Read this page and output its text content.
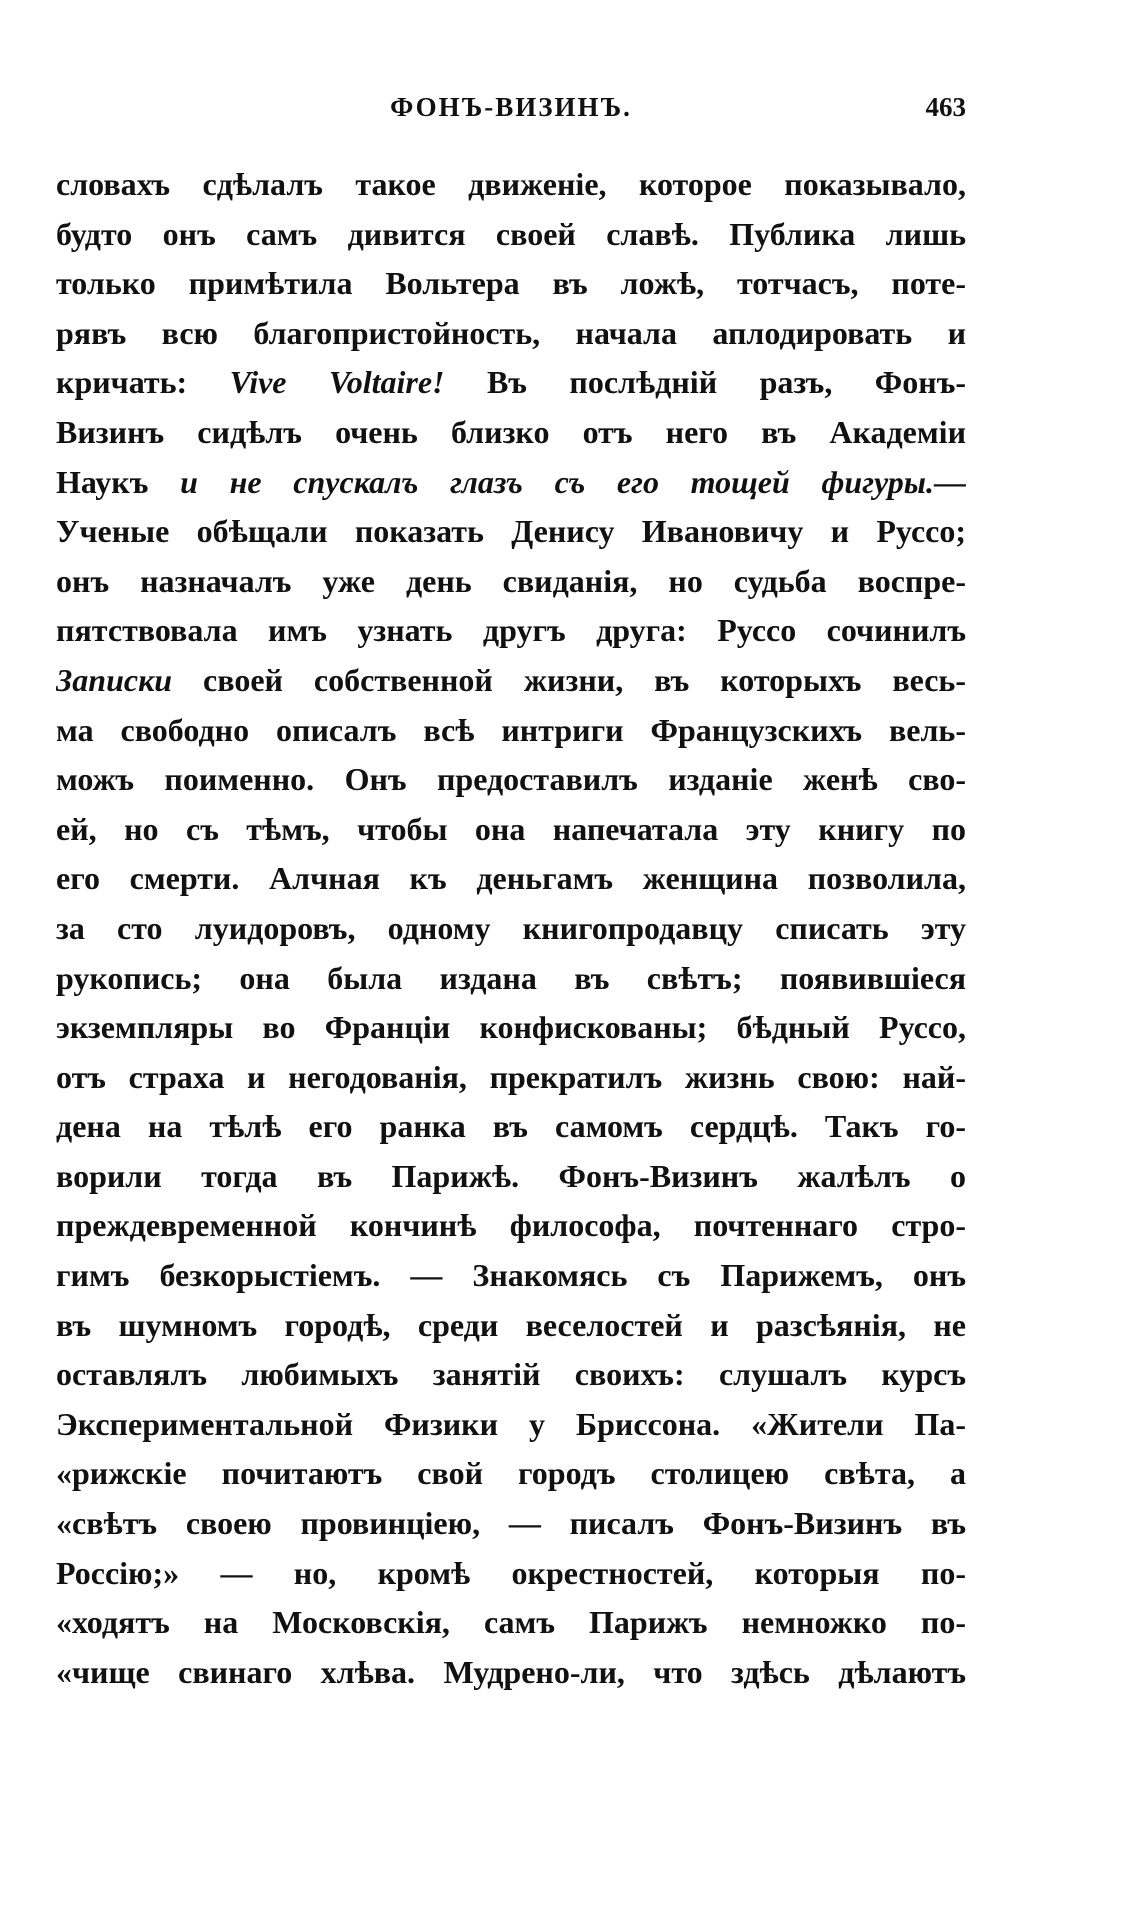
ФОНЪ-ВИЗИНЪ.	463
словахъ сдѣлалъ такое движеніе, которое показывало,
будто онъ самъ дивится своей славѣ. Публика лишь
только примѣтила Вольтера въ ложѣ, тотчасъ, поте-
рявъ всю благопристойность, начала аплодировать и
кричать: Vive Voltaire! Въ послѣдній разъ, Фонъ-
Визинъ сидѣлъ очень близко отъ него въ Академіи
Наукъ и не спускалъ глазъ съ его тощей фигуры.—
Ученые обѣщали показать Денису Ивановичу и Руссо;
онъ назначалъ уже день свиданія, но судьба воспре-
пятствовала имъ узнать другъ друга: Руссо сочинилъ
Записки своей собственной жизни, въ которыхъ весь-
ма свободно описалъ всѣ интриги Французскихъ вель-
можъ поименно. Онъ предоставилъ изданіе женѣ сво-
ей, но съ тѣмъ, чтобы она напечатала эту книгу по
его смерти. Алчная къ деньгамъ женщина позволила,
за сто луидоровъ, одному книгопродавцу списать эту
рукопись; она была издана въ свѣтъ; появившіеся
экземпляры во Франціи конфискованы; бѣдный Руссо,
отъ страха и негодованія, прекратилъ жизнь свою: най-
дена на тѣлѣ его ранка въ самомъ сердцѣ. Такъ го-
ворили тогда въ Парижѣ. Фонъ-Визинъ жалѣлъ о
преждевременной кончинѣ философа, почтеннаго стро-
гимъ безкорыстіемъ. — Знакомясь съ Парижемъ, онъ
въ шумномъ городѣ, среди веселостей и разсѣянія, не
оставлялъ любимыхъ занятій своихъ: слушалъ курсъ
Экспериментальной Физики у Бриссона. «Жители Па-
«рижскіе почитаютъ свой городъ столицею свѣта, а
«свѣтъ своею провинціею, — писалъ Фонъ-Визинъ въ
Россію;» — но, кромѣ окрестностей, которыя по-
«ходятъ на Московскія, самъ Парижъ немножко по-
«чище свинаго хлѣва. Мудрено-ли, что здѣсь дѣлаютъ
